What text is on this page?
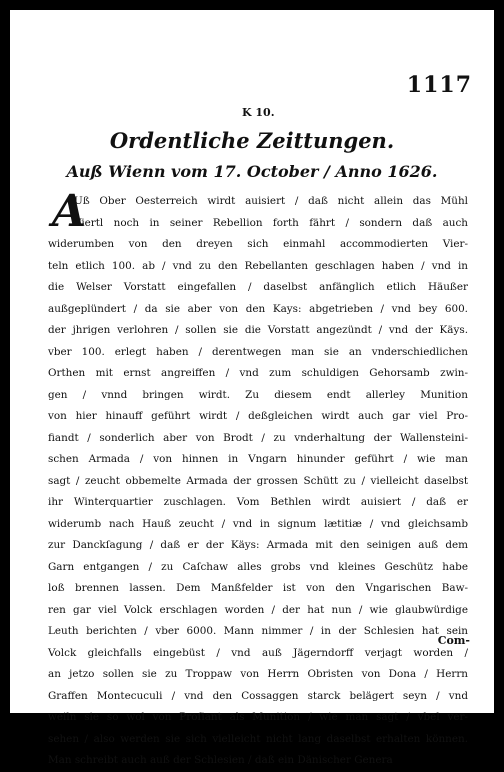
1117
K 10.
Ordentliche Zeittungen.
Auß Wienn vom 17. October / Anno 1626.
A
Uß Ober Oesterreich wirdt auisiert / daß nicht allein das Mühl
Viertl noch in seiner Rebellion forth fährt / sondern daß auch
widerumben von den dreyen sich einmahl accommodierten Vier-
teln etlich 100. ab / vnd zu den Rebellanten geschlagen haben / vnd in
die Welser Vorstatt eingefallen / daselbst anfänglich etlich Häußer
außgeplündert / da sie aber von den Kays: abgetrieben / vnd bey 600.
der jhrigen verlohren / sollen sie die Vorstatt angezündt / vnd der Käys.
vber 100. erlegt haben / derentwegen man sie an vnderschiedlichen
Orthen mit ernst angreiffen / vnd zum schuldigen Gehorsamb zwin-
gen / vnnd bringen wirdt. Zu diesem endt allerley Munition
von hier hinauff geführt wirdt / deßgleichen wirdt auch gar viel Pro-
fiandt / sonderlich aber von Brodt / zu vnderhaltung der Wallensteini-
schen Armada / von hinnen in Vngarn hinunder geführt / wie man
sagt / zeucht obbemelte Armada der grossen Schütt zu / vielleicht daselbst
ihr Winterquartier zuschlagen. Vom Bethlen wirdt auisiert / daß er
widerumb nach Hauß zeucht / vnd in signum lætitiæ / vnd gleichsamb
zur Danckſagung / daß er der Käys: Armada mit den seinigen auß dem
Garn entgangen / zu Caſchaw alles grobs vnd kleines Geschütz habe
loß brennen lassen. Dem Manßfelder ist von den Vngarischen Baw-
ren gar viel Volck erschlagen worden / der hat nun / wie glaubwürdige
Leuth berichten / vber 6000. Mann nimmer / in der Schlesien hat sein
Volck gleichfalls eingebüst / vnd auß Jägerndorff verjagt worden /
an jetzo sollen sie zu Troppaw von Herrn Obristen von Dona / Herrn
Graffen Montecuculi / vnd den Cossaggen starck belägert seyn / vnd
weiln sie so wol von Proſiant als Munition / wie man sagt / vbel ver-
sehen / also werden sie sich vielleicht nicht lang daselbst erhalten können.
Man schreibt auch auß der Schlesien / daß ein Dänischer Genera
Com-
